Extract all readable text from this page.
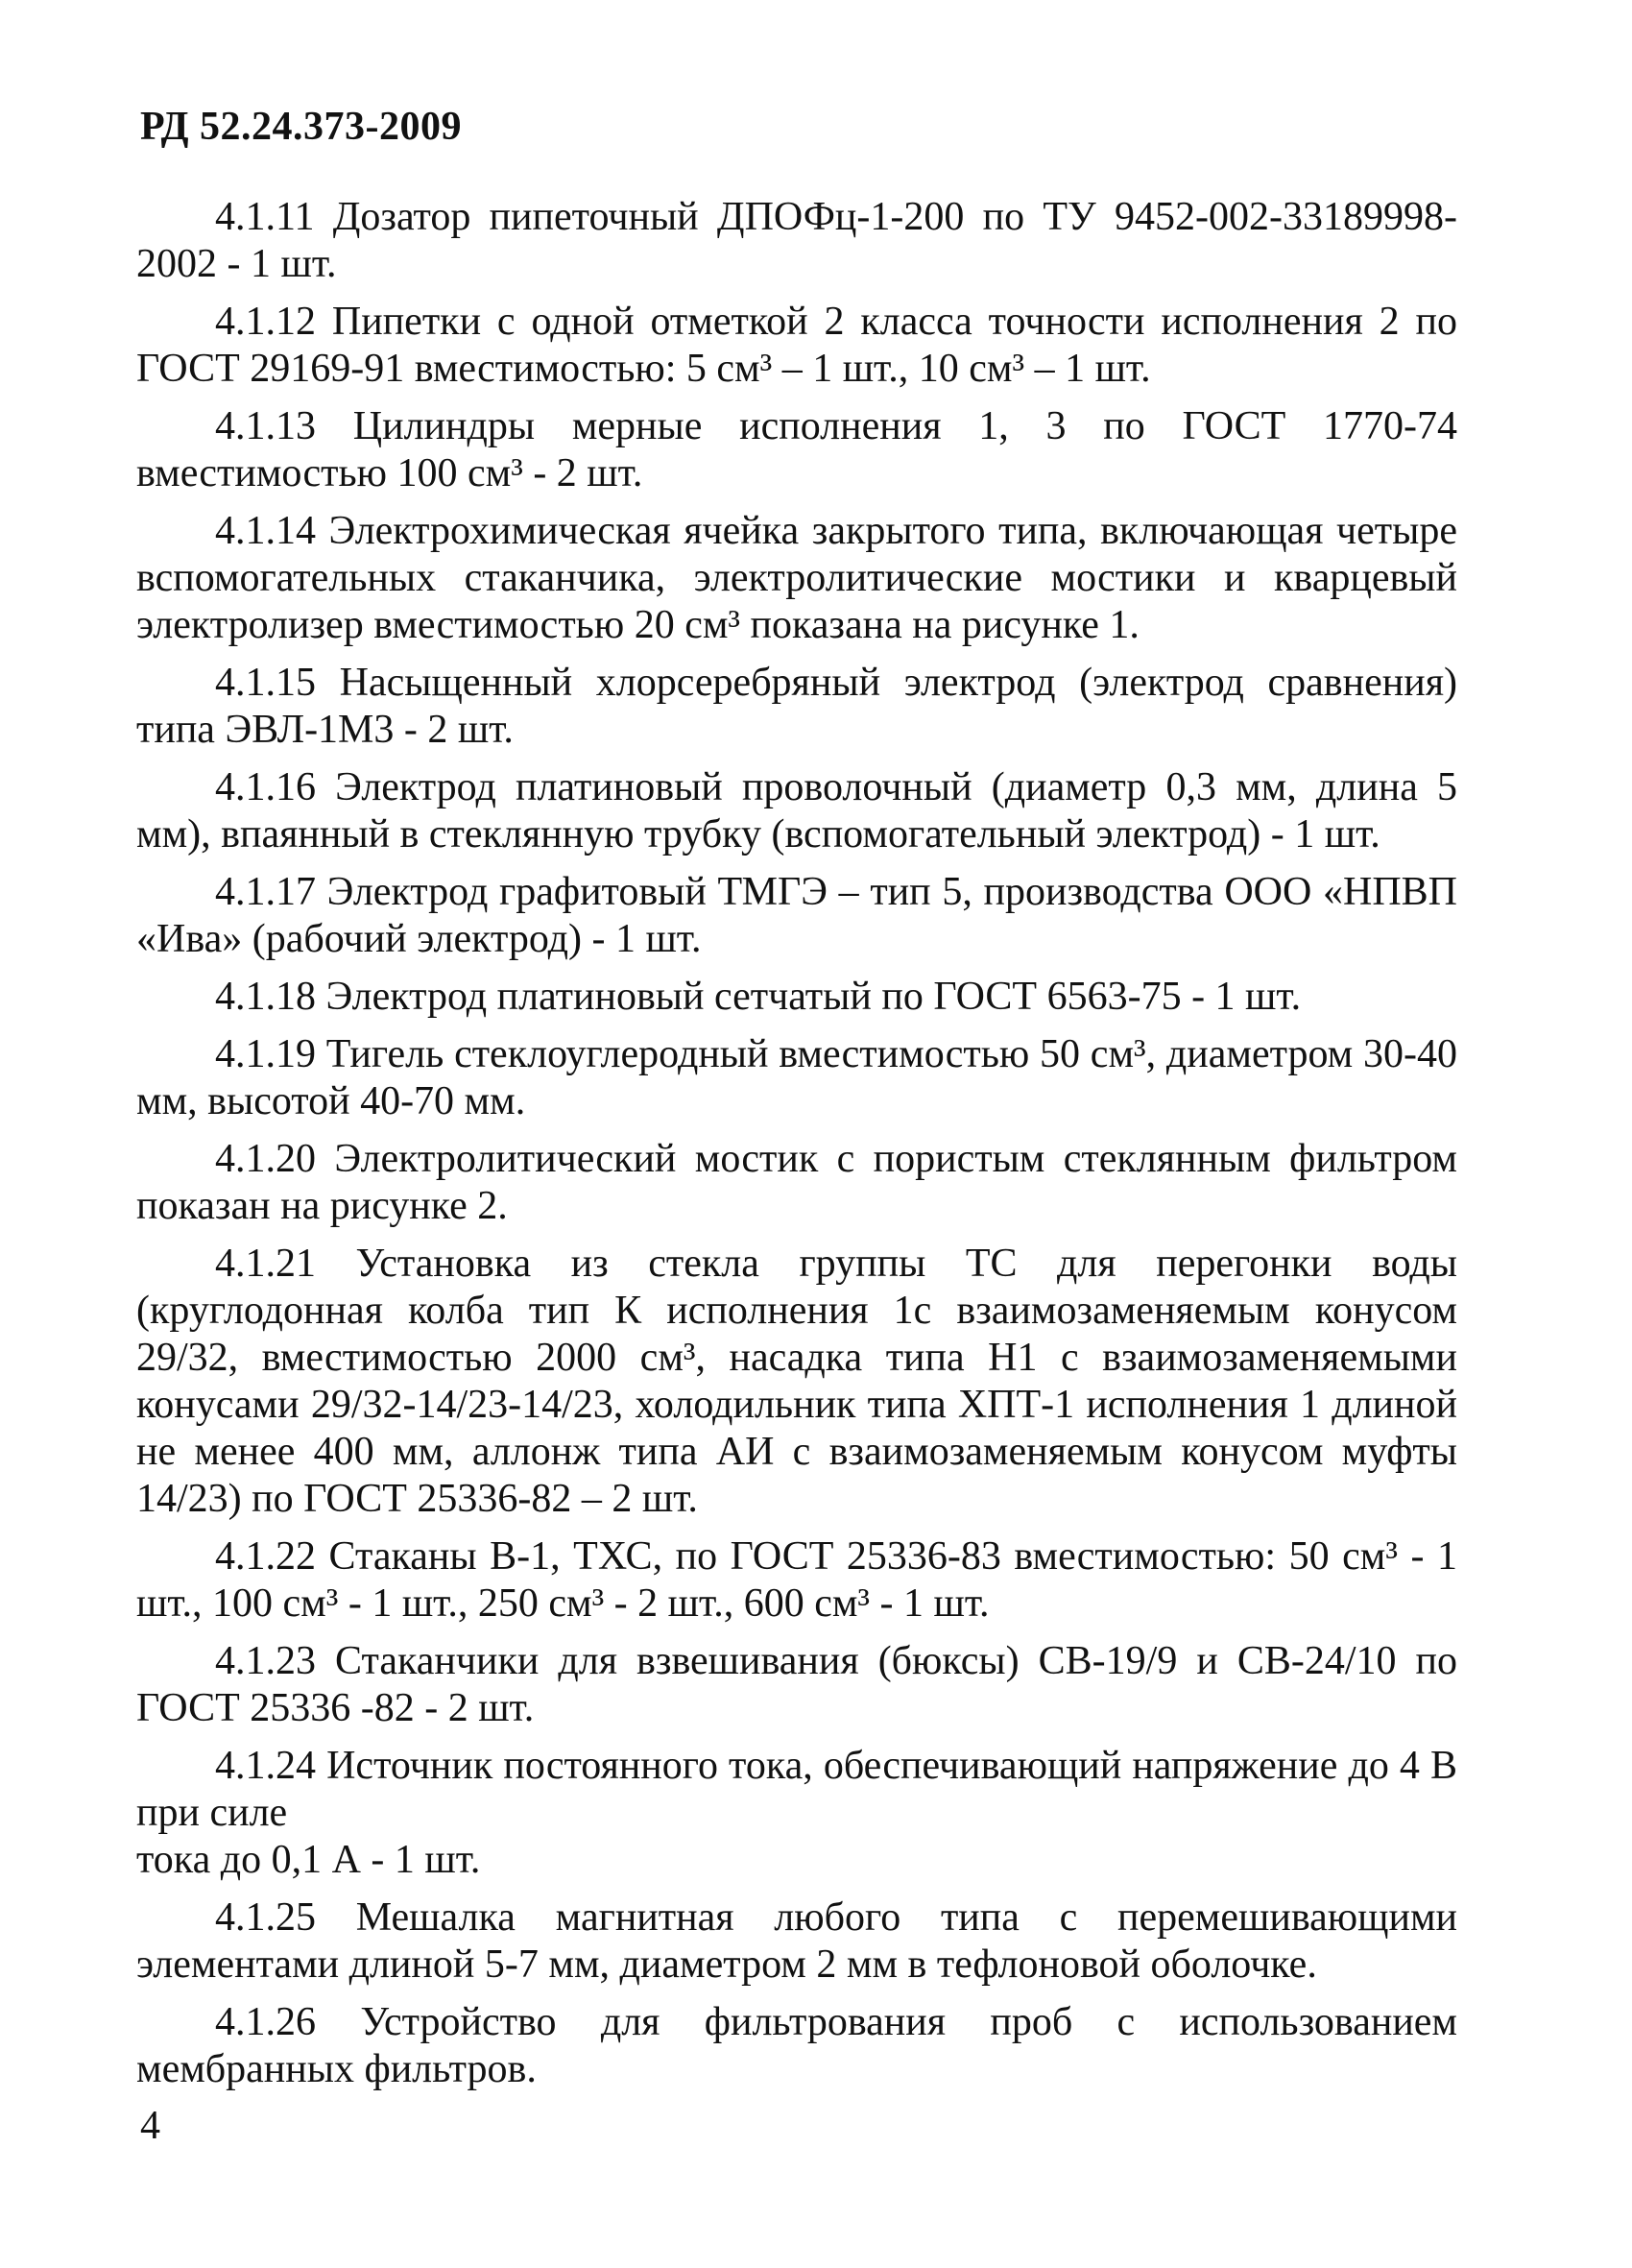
РД 52.24.373-2009

4.1.11 Дозатор пипеточный ДПОФц-1-200 по ТУ 9452-002-33189998-2002 - 1 шт.

4.1.12 Пипетки с одной отметкой 2 класса точности исполнения 2 по ГОСТ 29169-91 вместимостью: 5 см³ – 1 шт., 10 см³ – 1 шт.

4.1.13 Цилиндры мерные исполнения 1, 3 по ГОСТ 1770-74 вместимостью 100 см³ - 2 шт.

4.1.14 Электрохимическая ячейка закрытого типа, включающая четыре вспомогательных стаканчика, электролитические мостики и кварцевый электролизер вместимостью 20 см³ показана на рисунке 1.

4.1.15 Насыщенный хлорсеребряный электрод (электрод сравнения) типа ЭВЛ-1М3 - 2 шт.

4.1.16 Электрод платиновый проволочный (диаметр 0,3 мм, длина 5 мм), впаянный в стеклянную трубку (вспомогательный электрод) - 1 шт.

4.1.17 Электрод графитовый ТМГЭ – тип 5, производства ООО «НПВП «Ива» (рабочий электрод) - 1 шт.

4.1.18 Электрод платиновый сетчатый по ГОСТ 6563-75 - 1 шт.

4.1.19 Тигель стеклоуглеродный вместимостью 50 см³, диаметром 30-40 мм, высотой 40-70 мм.

4.1.20 Электролитический мостик с пористым стеклянным фильтром показан на рисунке 2.

4.1.21 Установка из стекла группы ТС для перегонки воды (круглодонная колба тип К исполнения 1с взаимозаменяемым конусом 29/32, вместимостью 2000 см³, насадка типа Н1 с взаимозаменяемыми конусами 29/32-14/23-14/23, холодильник типа ХПТ-1 исполнения 1 длиной не менее 400 мм, аллонж типа АИ с взаимозаменяемым конусом муфты 14/23) по ГОСТ 25336-82 – 2 шт.

4.1.22 Стаканы В-1, ТХС, по ГОСТ 25336-83 вместимостью: 50 см³ - 1 шт., 100 см³ - 1 шт., 250 см³ - 2 шт., 600 см³ - 1 шт.

4.1.23 Стаканчики для взвешивания (бюксы) СВ-19/9 и СВ-24/10 по ГОСТ 25336 -82 - 2 шт.

4.1.24 Источник постоянного тока, обеспечивающий напряжение до 4 В при силе
тока до 0,1 А - 1 шт.

4.1.25 Мешалка магнитная любого типа с перемешивающими элементами длиной 5-7 мм, диаметром 2 мм в тефлоновой оболочке.

4.1.26 Устройство для фильтрования проб с использованием мембранных фильтров.

4
